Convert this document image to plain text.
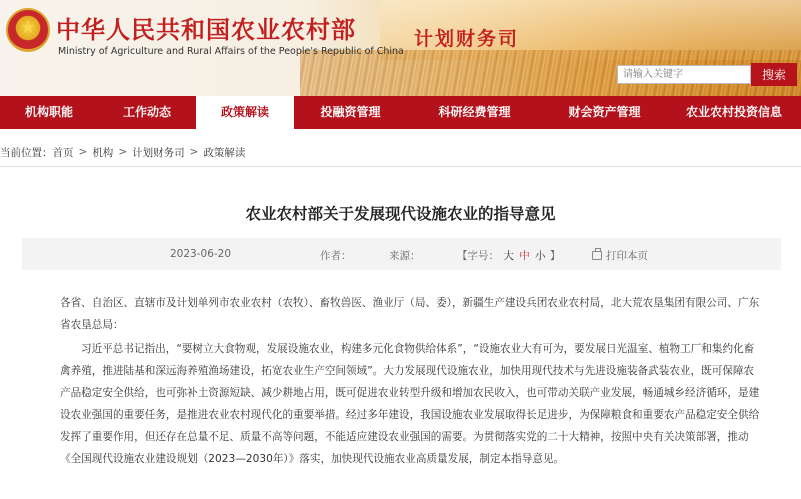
★
中华人民共和国农业农村部
Ministry of Agriculture and Rural Affairs of the People's Republic of China
计划财务司
请输入关键字
搜索
机构职能	工作动态	政策解读	投融资管理	科研经费管理	财会资产管理	农业农村投资信息
当前位置： 首页 > 机构 > 计划财务司 > 政策解读
农业农村部关于发展现代设施农业的指导意见
2023-06-20	作者：	来源：	【字号： 大 中 小 】	打印本页

各省、自治区、直辖市及计划单列市农业农村（农牧）、畜牧兽医、渔业厅（局、委），新疆生产建设兵团农业农村局，北大荒农垦集团有限公司、广东省农垦总局：

习近平总书记指出，“要树立大食物观，发展设施农业，构建多元化食物供给体系”，“设施农业大有可为，要发展日光温室、植物工厂和集约化畜禽养殖，推进陆基和深远海养殖渔场建设，拓宽农业生产空间领域”。大力发展现代设施农业，加快用现代技术与先进设施装备武装农业，既可保障农产品稳定安全供给，也可弥补土资源短缺、减少耕地占用，既可促进农业转型升级和增加农民收入，也可带动关联产业发展，畅通城乡经济循环，是建设农业强国的重要任务，是推进农业农村现代化的重要举措。经过多年建设，我国设施农业发展取得长足进步，为保障粮食和重要农产品稳定安全供给发挥了重要作用，但还存在总量不足、质量不高等问题，不能适应建设农业强国的需要。为贯彻落实党的二十大精神，按照中央有关决策部署，推动《全国现代设施农业建设规划（2023—2030年）》落实，加快现代设施农业高质量发展，制定本指导意见。
